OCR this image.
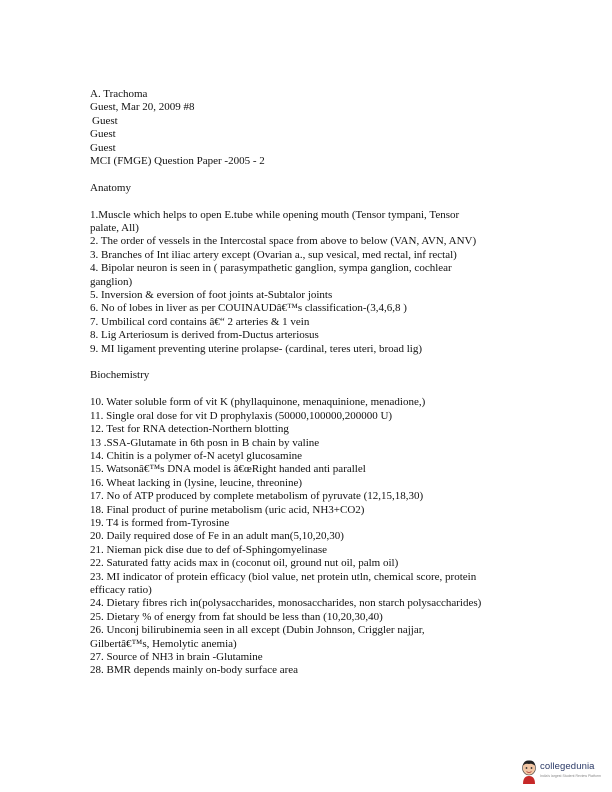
A. Trachoma
Guest, Mar 20, 2009 #8
Guest
Guest
Guest
MCI (FMGE) Question Paper -2005 - 2
Anatomy
1.Muscle which helps to open E.tube while opening mouth (Tensor tympani, Tensor
palate, All)
2. The order of vessels in the Intercostal space from above to below (VAN, AVN, ANV)
3. Branches of Int iliac artery except (Ovarian a., sup vesical, med rectal, inf rectal)
4. Bipolar neuron is seen in ( parasympathetic ganglion, sympa ganglion, cochlear
ganglion)
5. Inversion & eversion of foot joints at-Subtalor joints
6. No of lobes in liver as per COUINAUDâ€™s classification-(3,4,6,8 )
7. Umbilical cord contains â€“ 2 arteries & 1 vein
8. Lig Arteriosum is derived from-Ductus arteriosus
9. MI ligament preventing uterine prolapse- (cardinal, teres uteri, broad lig)
Biochemistry
10. Water soluble form of vit K (phyllaquinone, menaquinione, menadione,)
11. Single oral dose for vit D prophylaxis (50000,100000,200000 U)
12. Test for RNA detection-Northern blotting
13 .SSA-Glutamate in 6th posn in B chain by valine
14. Chitin is a polymer of-N acetyl glucosamine
15. Watsonâ€™s DNA model is â€œRight handed anti parallel
16. Wheat lacking in (lysine, leucine, threonine)
17. No of ATP produced by complete metabolism of pyruvate (12,15,18,30)
18. Final product of purine metabolism (uric acid, NH3+CO2)
19. T4 is formed from-Tyrosine
20. Daily required dose of Fe in an adult man(5,10,20,30)
21. Nieman pick dise due to def of-Sphingomyelinase
22. Saturated fatty acids max in (coconut oil, ground nut oil, palm oil)
23. MI indicator of protein efficacy (biol value, net protein utln, chemical score, protein
efficacy ratio)
24. Dietary fibres rich in(polysaccharides, monosaccharides, non starch polysaccharides)
25. Dietary % of energy from fat should be less than (10,20,30,40)
26. Unconj bilirubinemia seen in all except (Dubin Johnson, Criggler najjar,
Gilbertâ€™s, Hemolytic anemia)
27. Source of NH3 in brain -Glutamine
28. BMR depends mainly on-body surface area
collegedunia
India's largest Student Review Platform
